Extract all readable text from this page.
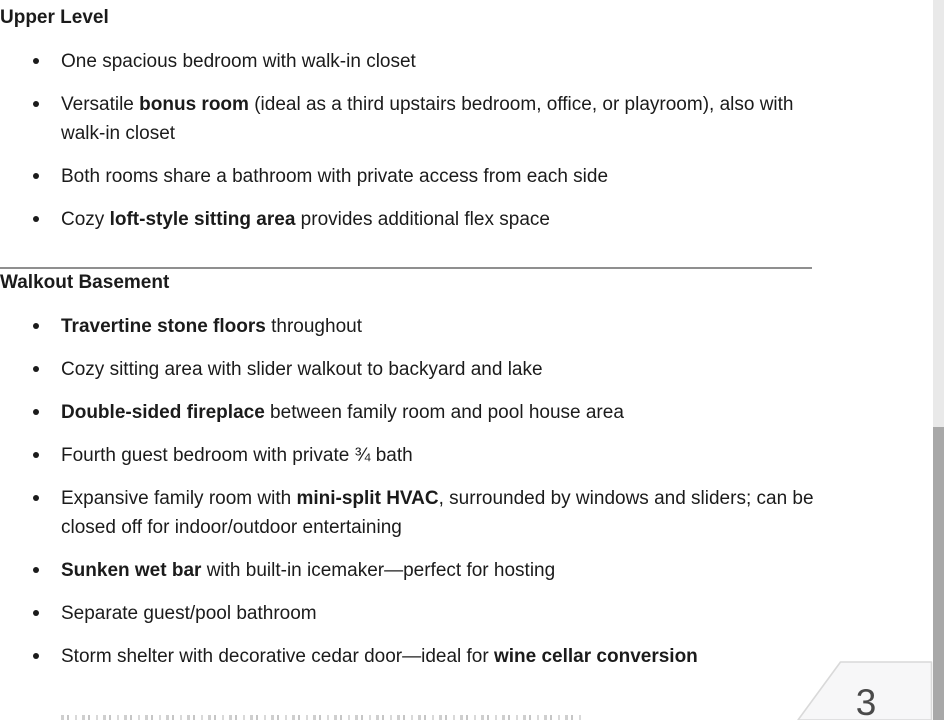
Upper Level
One spacious bedroom with walk-in closet
Versatile bonus room (ideal as a third upstairs bedroom, office, or playroom), also with
walk-in closet
Both rooms share a bathroom with private access from each side
Cozy loft-style sitting area provides additional flex space
Walkout Basement
Travertine stone floors throughout
Cozy sitting area with slider walkout to backyard and lake
Double-sided fireplace between family room and pool house area
Fourth guest bedroom with private ¾ bath
Expansive family room with mini-split HVAC, surrounded by windows and sliders; can be
closed off for indoor/outdoor entertaining
Sunken wet bar with built-in icemaker—perfect for hosting
Separate guest/pool bathroom
Storm shelter with decorative cedar door—ideal for wine cellar conversion
3
